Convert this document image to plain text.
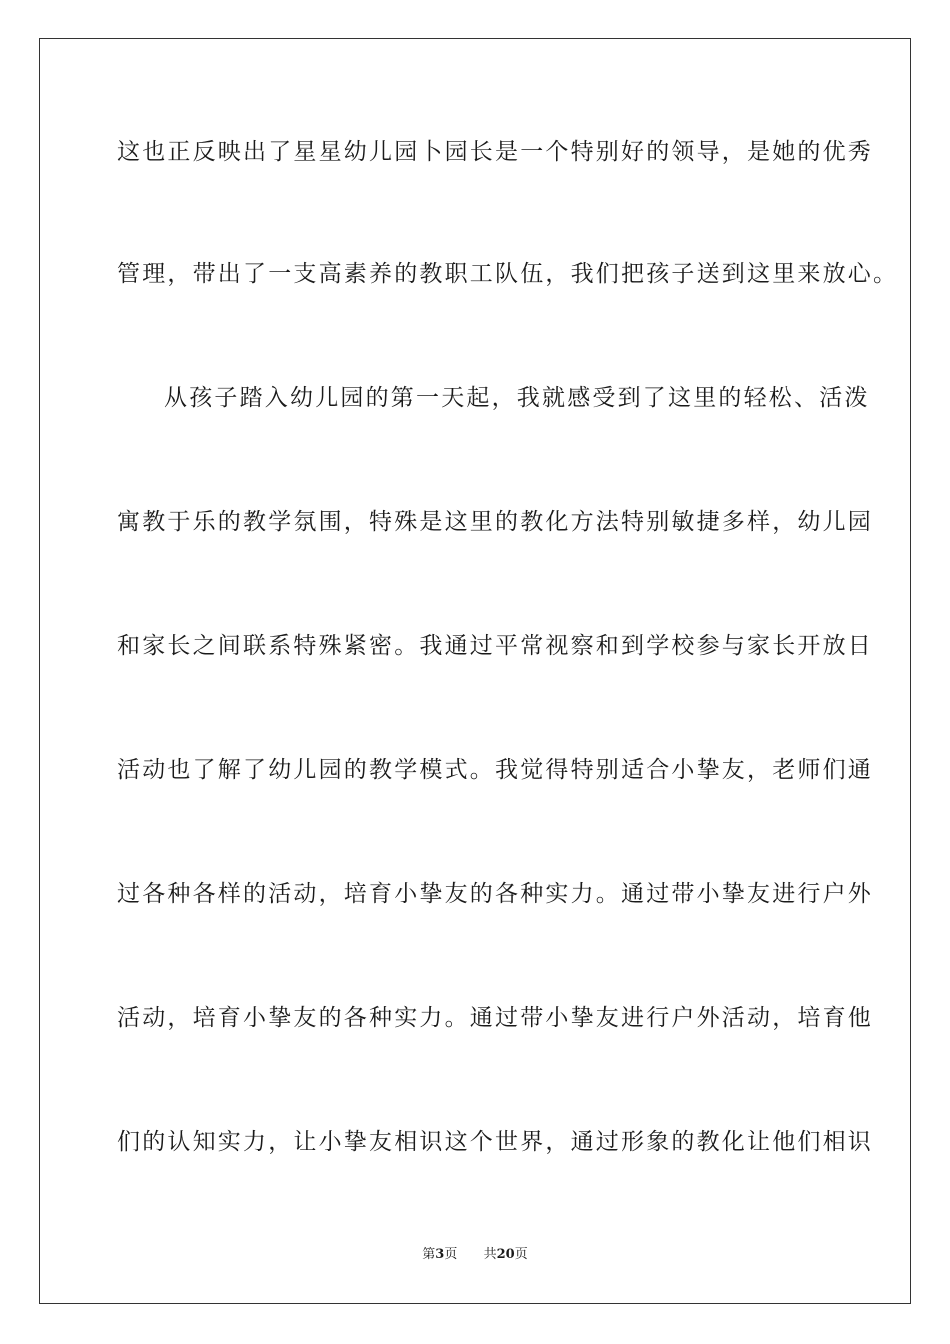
这也正反映出了星星幼儿园卜园长是一个特别好的领导，是她的优秀
管理，带出了一支高素养的教职工队伍，我们把孩子送到这里来放心。
从孩子踏入幼儿园的第一天起，我就感受到了这里的轻松、活泼
寓教于乐的教学氛围，特殊是这里的教化方法特别敏捷多样，幼儿园
和家长之间联系特殊紧密。我通过平常视察和到学校参与家长开放日
活动也了解了幼儿园的教学模式。我觉得特别适合小挚友，老师们通
过各种各样的活动，培育小挚友的各种实力。通过带小挚友进行户外
活动，培育小挚友的各种实力。通过带小挚友进行户外活动，培育他
们的认知实力，让小挚友相识这个世界，通过形象的教化让他们相识
第3页 共20页
